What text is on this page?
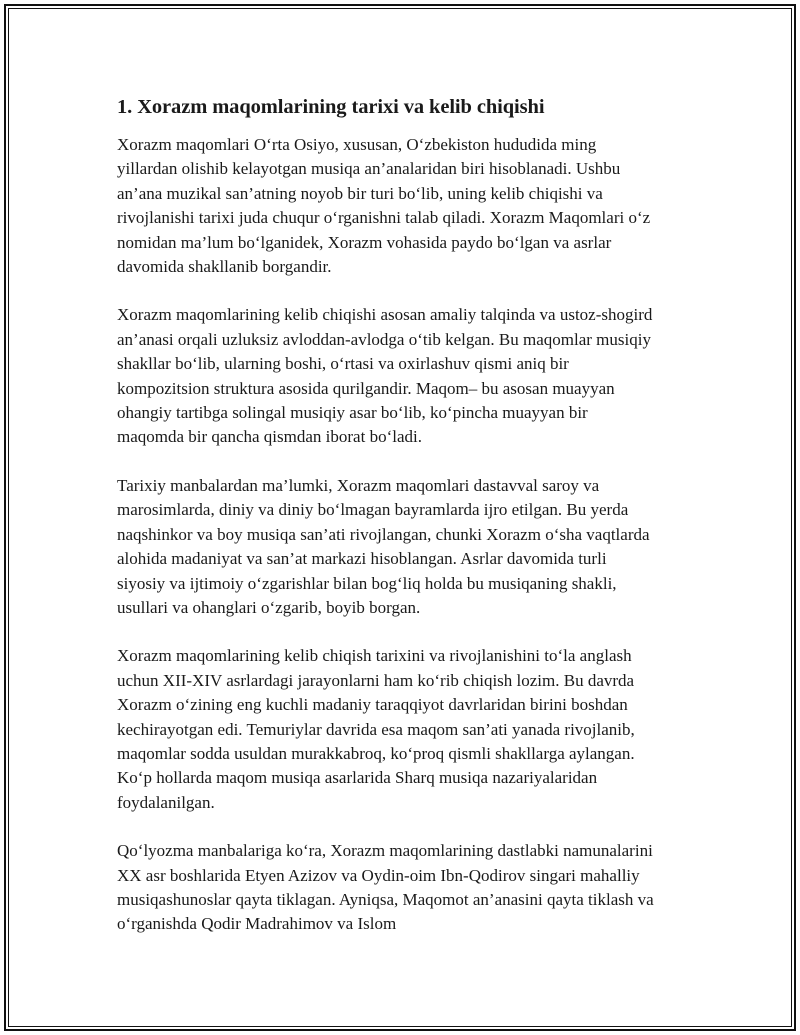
1. Xorazm maqomlarining tarixi va kelib chiqishi

Xorazm maqomlari O‘rta Osiyo, xususan, O‘zbekiston hududida ming yillardan olishib kelayotgan musiqa an’analaridan biri hisoblanadi. Ushbu an’ana muzikal san’atning noyob bir turi bo‘lib, uning kelib chiqishi va rivojlanishi tarixi juda chuqur o‘rganishni talab qiladi. Xorazm Maqomlari o‘z nomidan ma’lum bo‘lganidek, Xorazm vohasida paydo bo‘lgan va asrlar davomida shakllanib borgandir.

Xorazm maqomlarining kelib chiqishi asosan amaliy talqinda va ustoz-shogird an’anasi orqali uzluksiz avloddan-avlodga o‘tib kelgan. Bu maqomlar musiqiy shakllar bo‘lib, ularning boshi, o‘rtasi va oxirlashuv qismi aniq bir kompozitsion struktura asosida qurilgandir. Maqom– bu asosan muayyan ohangiy tartibga solingal musiqiy asar bo‘lib, ko‘pincha muayyan bir maqomda bir qancha qismdan iborat bo‘ladi.

Tarixiy manbalardan ma’lumki, Xorazm maqomlari dastavval saroy va marosimlarda, diniy va diniy bo‘lmagan bayramlarda ijro etilgan. Bu yerda naqshinkor va boy musiqa san’ati rivojlangan, chunki Xorazm o‘sha vaqtlarda alohida madaniyat va san’at markazi hisoblangan. Asrlar davomida turli siyosiy va ijtimoiy o‘zgarishlar bilan bog‘liq holda bu musiqaning shakli, usullari va ohanglari o‘zgarib, boyib borgan.

Xorazm maqomlarining kelib chiqish tarixini va rivojlanishini to‘la anglash uchun XII-XIV asrlardagi jarayonlarni ham ko‘rib chiqish lozim. Bu davrda Xorazm o‘zining eng kuchli madaniy taraqqiyot davrlaridan birini boshdan kechirayotgan edi. Temuriylar davrida esa maqom san’ati yanada rivojlanib, maqomlar sodda usuldan murakkabroq, ko‘proq qismli shakllarga aylangan. Ko‘p hollarda maqom musiqa asarlarida Sharq musiqa nazariyalaridan foydalanilgan.

Qo‘lyozma manbalariga ko‘ra, Xorazm maqomlarining dastlabki namunalarini XX asr boshlarida Etyen Azizov va Oydin-oim Ibn-Qodirov singari mahalliy musiqashunoslar qayta tiklagan. Ayniqsa, Maqomot an’anasini qayta tiklash va o‘rganishda Qodir Madrahimov va Islom
